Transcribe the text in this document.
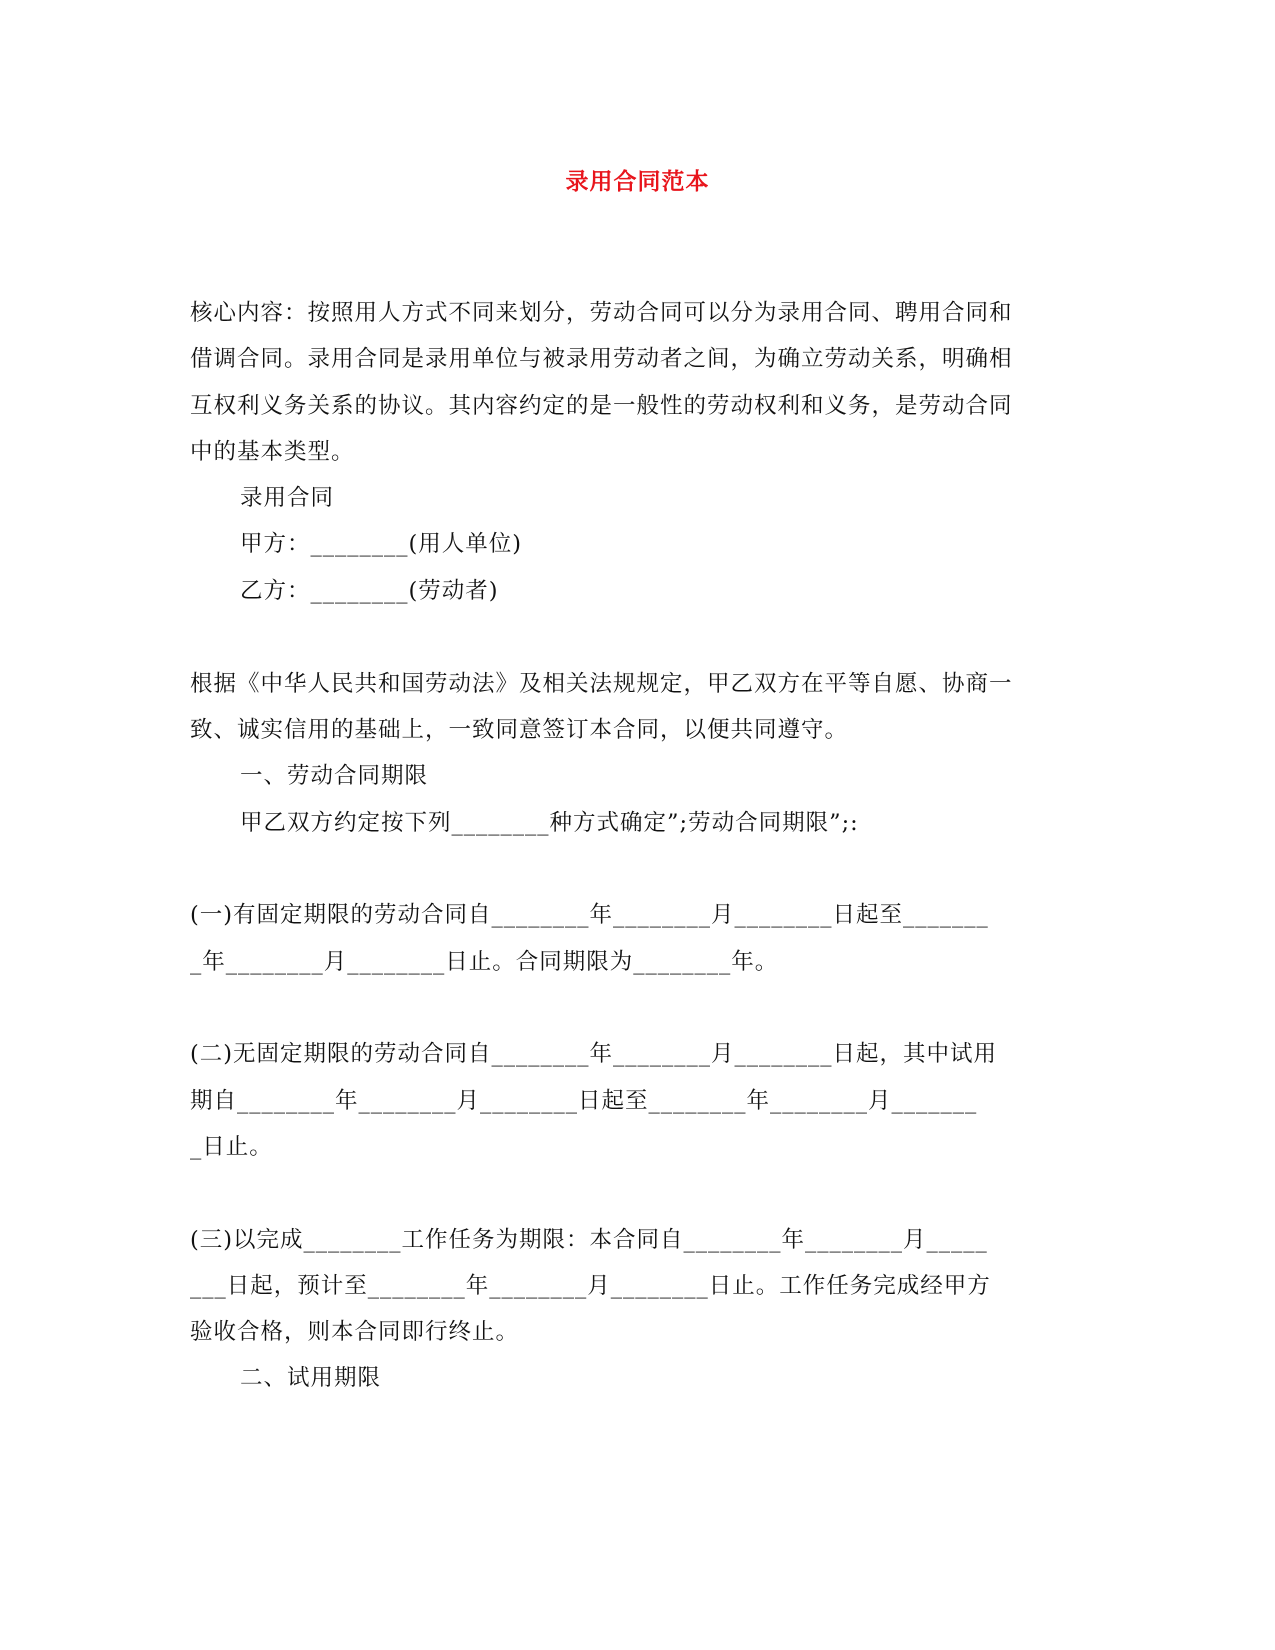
录用合同范本
核心内容：按照用人方式不同来划分，劳动合同可以分为录用合同、聘用合同和
借调合同。录用合同是录用单位与被录用劳动者之间，为确立劳动关系，明确相
互权利义务关系的协议。其内容约定的是一般性的劳动权利和义务，是劳动合同
中的基本类型。
录用合同
甲方：________(用人单位)
乙方：________(劳动者)
根据《中华人民共和国劳动法》及相关法规规定，甲乙双方在平等自愿、协商一
致、诚实信用的基础上，一致同意签订本合同，以便共同遵守。
一、劳动合同期限
甲乙双方约定按下列________种方式确定”;劳动合同期限”;:
(一)有固定期限的劳动合同自________年________月________日起至_______
_年________月________日止。合同期限为________年。
(二)无固定期限的劳动合同自________年________月________日起，其中试用
期自________年________月________日起至________年________月_______
_日止。
(三)以完成________工作任务为期限：本合同自________年________月_____
___日起，预计至________年________月________日止。工作任务完成经甲方
验收合格，则本合同即行终止。
二、试用期限
